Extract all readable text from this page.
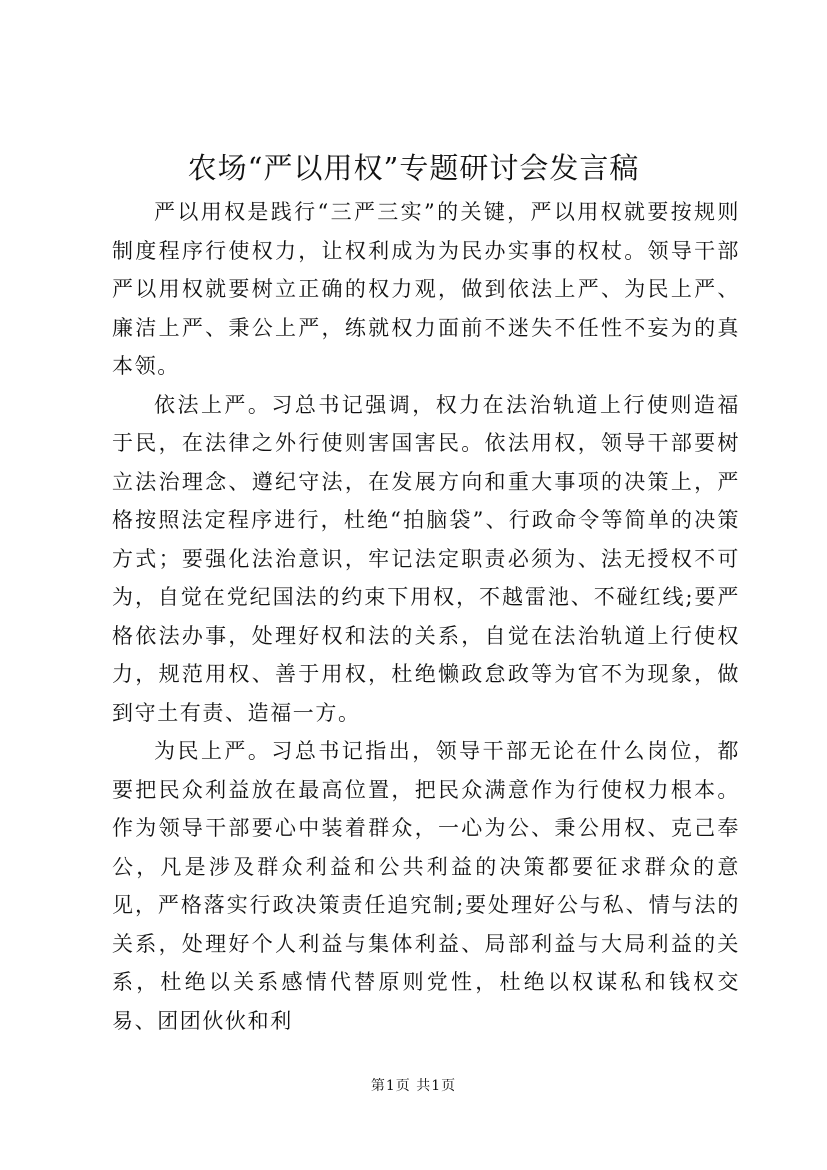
农场“严以用权”专题研讨会发言稿

严以用权是践行“三严三实”的关键，严以用权就要按规则制度程序行使权力，让权利成为为民办实事的权杖。领导干部严以用权就要树立正确的权力观，做到依法上严、为民上严、廉洁上严、秉公上严，练就权力面前不迷失不任性不妄为的真本领。

依法上严。习总书记强调，权力在法治轨道上行使则造福于民，在法律之外行使则害国害民。依法用权，领导干部要树立法治理念、遵纪守法，在发展方向和重大事项的决策上，严格按照法定程序进行，杜绝“拍脑袋”、行政命令等简单的决策方式；要强化法治意识，牢记法定职责必须为、法无授权不可为，自觉在党纪国法的约束下用权，不越雷池、不碰红线;要严格依法办事，处理好权和法的关系，自觉在法治轨道上行使权力，规范用权、善于用权，杜绝懒政怠政等为官不为现象，做到守土有责、造福一方。

为民上严。习总书记指出，领导干部无论在什么岗位，都要把民众利益放在最高位置，把民众满意作为行使权力根本。作为领导干部要心中装着群众，一心为公、秉公用权、克己奉公，凡是涉及群众利益和公共利益的决策都要征求群众的意见，严格落实行政决策责任追究制;要处理好公与私、情与法的关系，处理好个人利益与集体利益、局部利益与大局利益的关系，杜绝以关系感情代替原则党性，杜绝以权谋私和钱权交易、团团伙伙和利

第1页 共1页
